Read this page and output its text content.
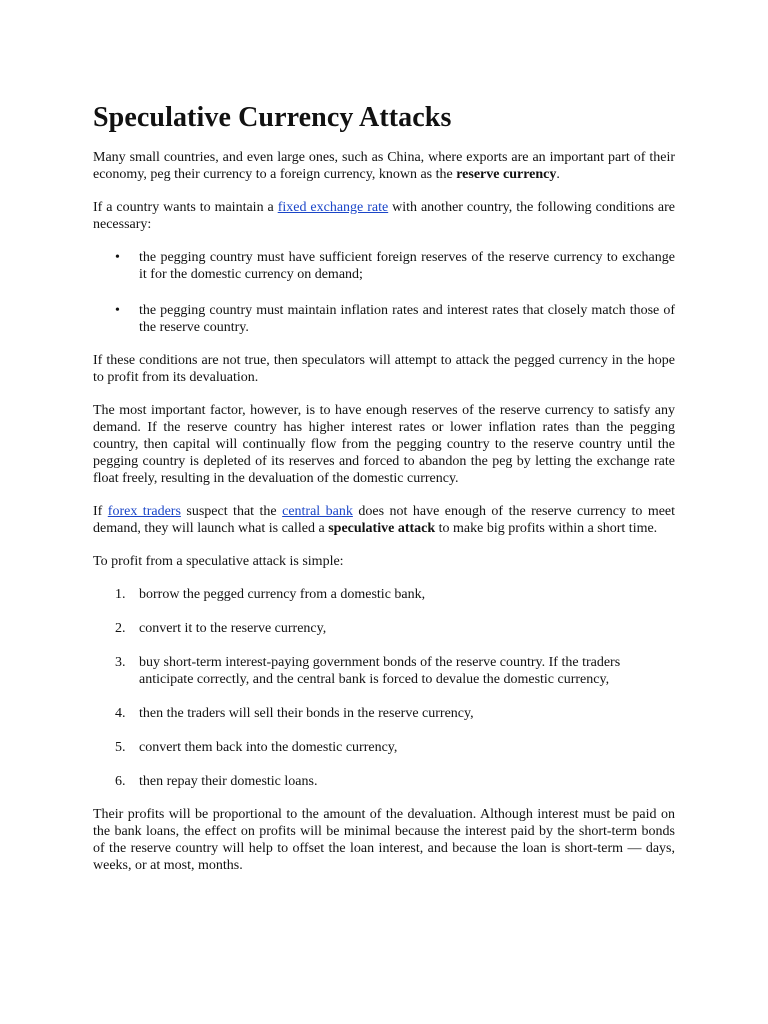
Speculative Currency Attacks

Many small countries, and even large ones, such as China, where exports are an important part of their economy, peg their currency to a foreign currency, known as the reserve currency.

If a country wants to maintain a fixed exchange rate with another country, the following conditions are necessary:

• the pegging country must have sufficient foreign reserves of the reserve currency to exchange it for the domestic currency on demand;
• the pegging country must maintain inflation rates and interest rates that closely match those of the reserve country.

If these conditions are not true, then speculators will attempt to attack the pegged currency in the hope to profit from its devaluation.

The most important factor, however, is to have enough reserves of the reserve currency to satisfy any demand. If the reserve country has higher interest rates or lower inflation rates than the pegging country, then capital will continually flow from the pegging country to the reserve country until the pegging country is depleted of its reserves and forced to abandon the peg by letting the exchange rate float freely, resulting in the devaluation of the domestic currency.

If forex traders suspect that the central bank does not have enough of the reserve currency to meet demand, they will launch what is called a speculative attack to make big profits within a short time.

To profit from a speculative attack is simple:

1. borrow the pegged currency from a domestic bank,
2. convert it to the reserve currency,
3. buy short-term interest-paying government bonds of the reserve country. If the traders anticipate correctly, and the central bank is forced to devalue the domestic currency,
4. then the traders will sell their bonds in the reserve currency,
5. convert them back into the domestic currency,
6. then repay their domestic loans.

Their profits will be proportional to the amount of the devaluation. Although interest must be paid on the bank loans, the effect on profits will be minimal because the interest paid by the short-term bonds of the reserve country will help to offset the loan interest, and because the loan is short-term — days, weeks, or at most, months.
